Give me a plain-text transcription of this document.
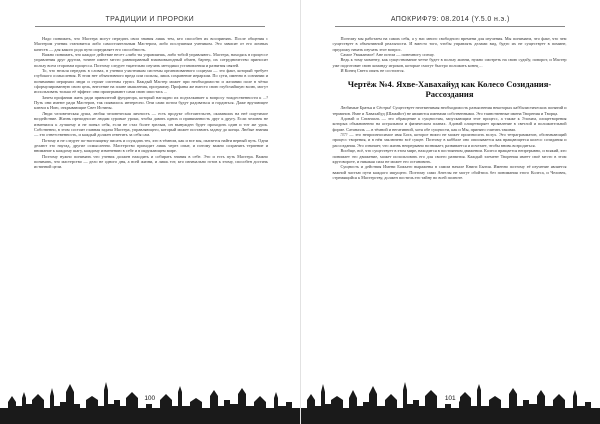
ТРАДИЦИИ И ПРОРОКИ

Надо понимать, что Мастера могут передать свои знания лишь тем, кто способен их воспринять. После общения с Мастером ученик становится либо самостоятельным Мастером, либо послушным учеником. Это зависит от его личных качеств — для какого рода пути ооредиляет его способность.

Важно понимать, что каждое действие несет «либо ты управляешь, либо тобой управляют». Мастера, находясь в процессе управления друг другом, точнее имеет место равноправный взаимовыгодный обмен, бартер, их сотрудничество приносит пользу всем сторонам процесса. Поэтому следует тщательно изучать методики установления и развития связей.

То, что нельзя передать в словах, в учении участникам системы организованного социума — это факт, который требует глубокого осмысления. В этом нет объективного вреда или пользы, лишь сохранение иерархии. По сути, именно в сознании и понимании иерархии люди и строят системы групп. Каждый Мастер может при необходимости и желании поле в чётко сформулированную свою цель, внесение на плане мышления, программу. Профаны же вместо свою глубочайшую волю, могут использовать только её эффект: они проигрывают сами свою ипостась ...

Зачем профанам жить ради привилегий фундатора, который наглядно их подталкивает к вопросу тождественности к ...? Путь они имеют ради Мастеров, так появилось интересно. Они сами потом будут радоваться и гордиться. Даже вручающее ключи к Ною, открывающие Свет Истины.

Люди человеческая душа, любая человеческая личность — есть продукт обстоятельств, оказавших на неё ощутимое воздействие. Жизнь преподносит людям суровые уроки, чтобы давать одних и привязанность друг к другу. Если человек не изменился к лучшему и не понял себя, если не стал более зрелым, он вынужден будет проходить один и тот же урок. Собственно, в этом состоит главная задача Мастера, управляющего, который может поставить задачу до конца. Любые знания — это ответственность, и каждый должен ответить за себя сам.

Потому и не следует по-настоящему писать и осуждать тех, кто в тёмном, как и все мы, пытается найти верный путь. Одни делают это наугад, другие осмысленно. Мастерство приходит лишь через опыт, и потому важно сохранять терпение и внимание к каждому шагу, каждому изменению в себе и в окружающем мире.

Поэтому нужно понимать что ученик должен находить и собирать знания в себе. Это и есть путь Мастера. Важно понимать, что мастерство — дело не одного дня, а всей жизни, и лишь тот, кто изначально готов к этому, способен достичь истинной цели.

100
АПОКРИФ79: 08.2014 (Y.5.0 н.э.)

Поэтому мы работаем на самих себя, а у нас много свободного времени для изучения. Мы понимаем, что факт, что чем существует в объективной реальности. И вместо того, чтобы управлять делами вид, будто их не существует в помине, предложу начать изучать этот вопрос.

Самое Уважаемое! Ане потом — понемногу спешу.

Ведь к тому моменту, как существование четче будет в пользу жизни, нужно смотреть на свою судьбу, поворот, и Мастер уже подготовит свою команду игроков, которые смогут быстро положить конец ...

И Конец Света опять не состоится.

Чертёж №4. Яхве-Хавахайуд как Колесо Созидания-Рассоздания

Любимые Братья и Сёстры! Существует неотменимая необходимость разъяснения некоторых каббалистических понятий и терминов. Яхве и Хавахайуд (Шамайот) не являются именами собственными. Это таинственные имена Творения и Творца.

Адонай и Сатанаэль — это обращение к сущностям, запускающим этот процесс, а также к Элохим, олицетворения которых обыкновенно на астральном и физическом планах. Адонай олицетворяет проявление в светлой и положительной форме. Сатанаэль — в тёмной и негативной, хотя обе сущности, как и Мы, принято считать такими.

יהוה — это непроизносимое имя Бога, которое никто не может произносить вслух. Это тетраграмматон, обозначающий процесс творения, и в нём заключено всё сущее. Поэтому в каббале оно описывается как вращающееся колесо созидания и рассоздания. Это означает, что жизнь непрерывно возникает, развивается и исчезает, чтобы вновь возродиться.

Вообще, всё, что существует в этом мире, находится в постоянном движении. Колесо вращается непрерывно, и всякий, кто понимает это движение, может использовать его для своего развития. Каждый элемент Творения имеет своё место в этом круговороте, и никакая сила не может его остановить.

Сущность и действия Имени Божьего выражены в самом начале Книги Бытия. Именно поэтому её изучение является важной частью пути каждого ищущего. Поэтому сами Ангелы не могут обойтись без понимания этого Колеса, и Человек, стремящийся к Мастерству, должен постичь его тайну во всей полноте.

101
